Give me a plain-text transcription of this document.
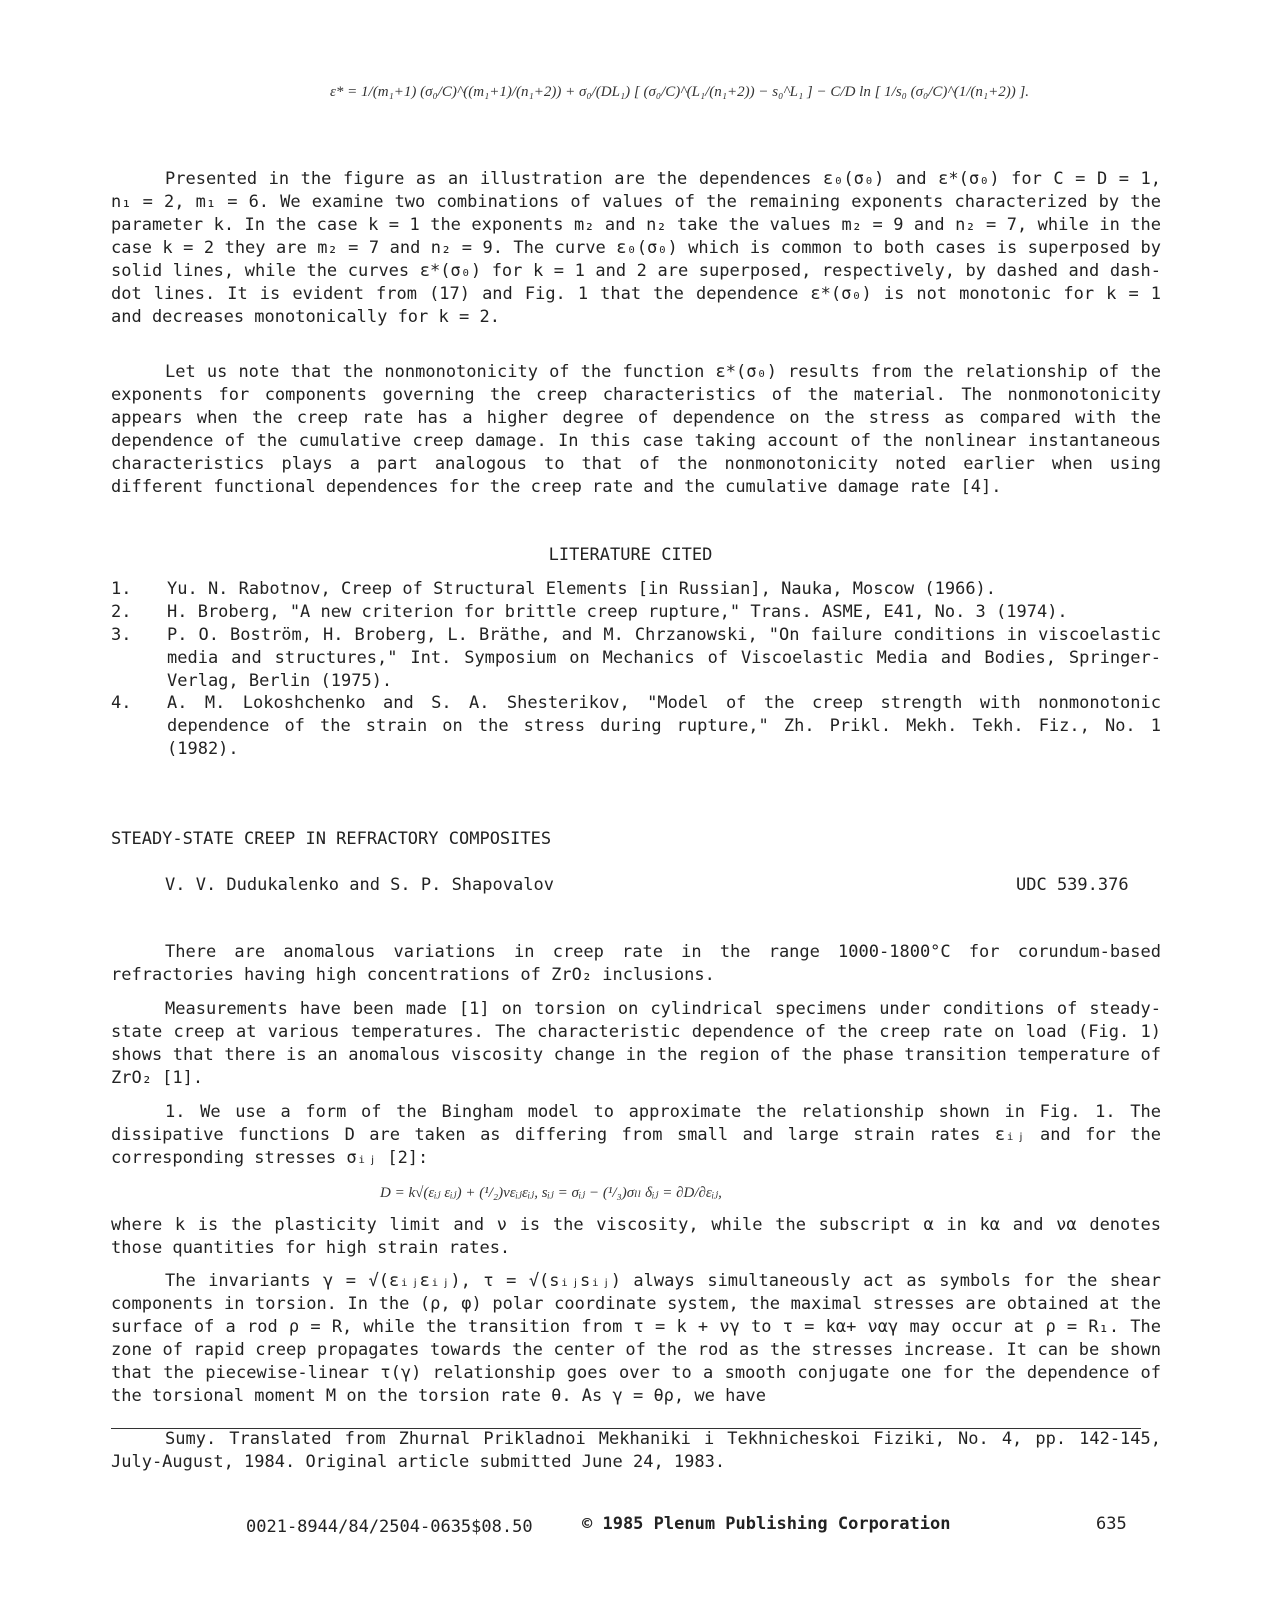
ε* = 1/(m₁+1) (σ₀/C)^((m₁+1)/(n₁+2)) + σ₀/(DL₁) [ (σ₀/C)^(L₁/(n₁+2)) − s₀^L₁ ] − C/D ln [ 1/s₀ (σ₀/C)^(1/(n₁+2)) ].
Presented in the figure as an illustration are the dependences ε₀(σ₀) and ε*(σ₀) for C = D = 1, n₁ = 2, m₁ = 6. We examine two combinations of values of the remaining exponents characterized by the parameter k. In the case k = 1 the exponents m₂ and n₂ take the values m₂ = 9 and n₂ = 7, while in the case k = 2 they are m₂ = 7 and n₂ = 9. The curve ε₀(σ₀) which is common to both cases is superposed by solid lines, while the curves ε*(σ₀) for k = 1 and 2 are superposed, respectively, by dashed and dash-dot lines. It is evident from (17) and Fig. 1 that the dependence ε*(σ₀) is not monotonic for k = 1 and decreases monotonically for k = 2.
Let us note that the nonmonotonicity of the function ε*(σ₀) results from the relationship of the exponents for components governing the creep characteristics of the material. The nonmonotonicity appears when the creep rate has a higher degree of dependence on the stress as compared with the dependence of the cumulative creep damage. In this case taking account of the nonlinear instantaneous characteristics plays a part analogous to that of the nonmonotonicity noted earlier when using different functional dependences for the creep rate and the cumulative damage rate [4].
LITERATURE CITED
1. Yu. N. Rabotnov, Creep of Structural Elements [in Russian], Nauka, Moscow (1966).
2. H. Broberg, "A new criterion for brittle creep rupture," Trans. ASME, E41, No. 3 (1974).
3. P. O. Boström, H. Broberg, L. Bräthe, and M. Chrzanowski, "On failure conditions in viscoelastic media and structures," Int. Symposium on Mechanics of Viscoelastic Media and Bodies, Springer-Verlag, Berlin (1975).
4. A. M. Lokoshchenko and S. A. Shesterikov, "Model of the creep strength with nonmonotonic dependence of the strain on the stress during rupture," Zh. Prikl. Mekh. Tekh. Fiz., No. 1 (1982).
STEADY-STATE CREEP IN REFRACTORY COMPOSITES
V. V. Dudukalenko and S. P. Shapovalov	UDC 539.376
There are anomalous variations in creep rate in the range 1000-1800°C for corundum-based refractories having high concentrations of ZrO₂ inclusions.
Measurements have been made [1] on torsion on cylindrical specimens under conditions of steady-state creep at various temperatures. The characteristic dependence of the creep rate on load (Fig. 1) shows that there is an anomalous viscosity change in the region of the phase transition temperature of ZrO₂ [1].
1. We use a form of the Bingham model to approximate the relationship shown in Fig. 1. The dissipative functions D are taken as differing from small and large strain rates εᵢⱼ and for the corresponding stresses σᵢⱼ [2]:
D = k√(εᵢⱼ εᵢⱼ) + (¹/₂)νεᵢⱼεᵢⱼ, sᵢⱼ = σᵢⱼ − (¹/₃)σₗₗ δᵢⱼ = ∂D/∂εᵢⱼ,
where k is the plasticity limit and ν is the viscosity, while the subscript α in kα and να denotes those quantities for high strain rates.
The invariants γ = √(εᵢⱼεᵢⱼ), τ = √(sᵢⱼsᵢⱼ) always simultaneously act as symbols for the shear components in torsion. In the (ρ, φ) polar coordinate system, the maximal stresses are obtained at the surface of a rod ρ = R, while the transition from τ = k + νγ to τ = kα+ ναγ may occur at ρ = R₁. The zone of rapid creep propagates towards the center of the rod as the stresses increase. It can be shown that the piecewise-linear τ(γ) relationship goes over to a smooth conjugate one for the dependence of the torsional moment M on the torsion rate θ. As γ = θρ, we have
Sumy. Translated from Zhurnal Prikladnoi Mekhaniki i Tekhnicheskoi Fiziki, No. 4, pp. 142-145, July-August, 1984. Original article submitted June 24, 1983.
0021-8944/84/2504-0635$08.50	© 1985 Plenum Publishing Corporation	635
